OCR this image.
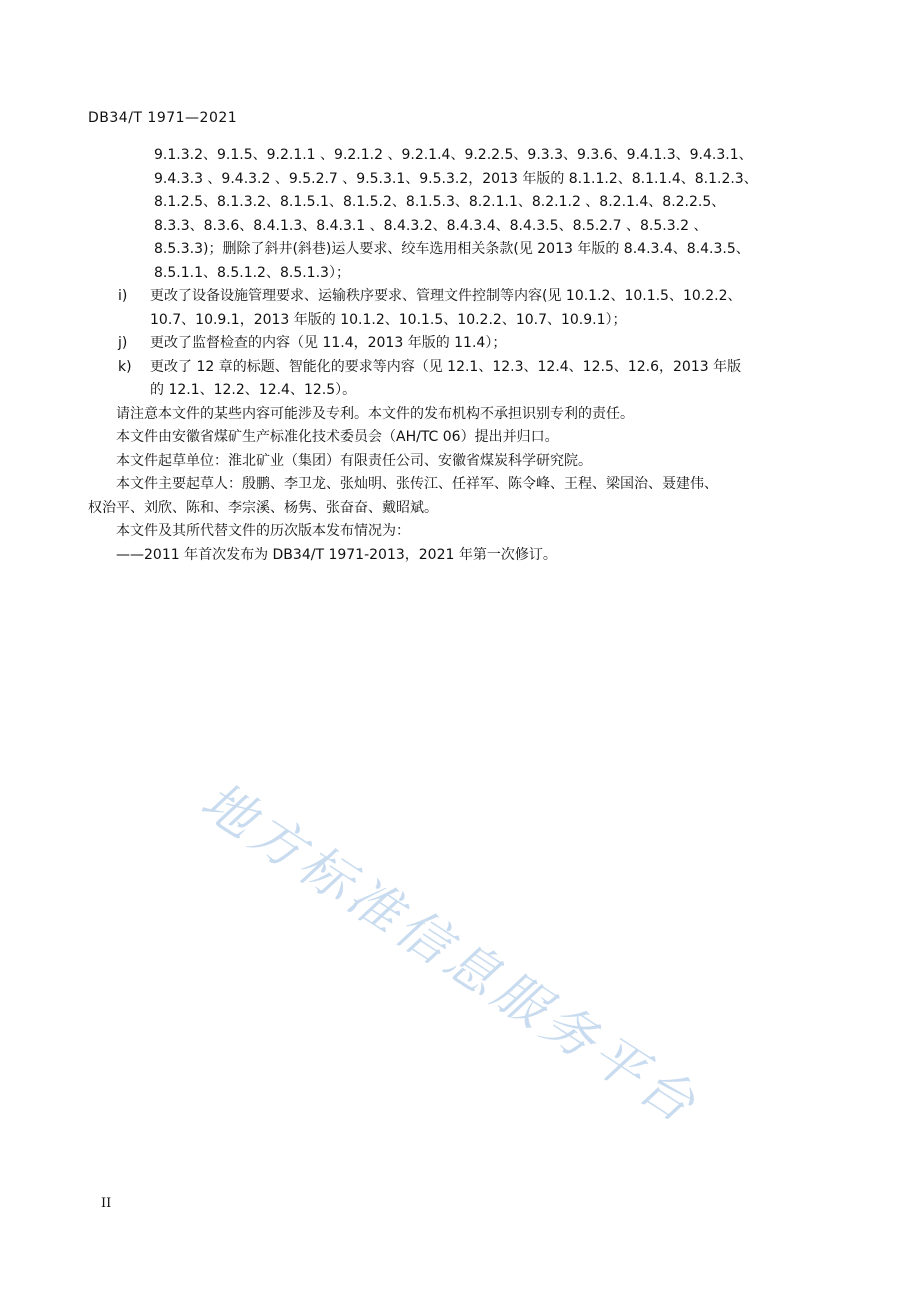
DB34/T 1971—2021
9.1.3.2、9.1.5、9.2.1.1 、9.2.1.2 、9.2.1.4、9.2.2.5、9.3.3、9.3.6、9.4.1.3、9.4.3.1、
9.4.3.3 、9.4.3.2 、9.5.2.7 、9.5.3.1、9.5.3.2，2013 年版的 8.1.1.2、8.1.1.4、8.1.2.3、
8.1.2.5、8.1.3.2、8.1.5.1、8.1.5.2、8.1.5.3、8.2.1.1、8.2.1.2 、8.2.1.4、8.2.2.5、
8.3.3、8.3.6、8.4.1.3、8.4.3.1 、8.4.3.2、8.4.3.4、8.4.3.5、8.5.2.7 、8.5.3.2 、
8.5.3.3)；删除了斜井(斜巷)运人要求、绞车选用相关条款(见 2013 年版的 8.4.3.4、8.4.3.5、
8.5.1.1、8.5.1.2、8.5.1.3）；
i)	更改了设备设施管理要求、运输秩序要求、管理文件控制等内容(见 10.1.2、10.1.5、10.2.2、
10.7、10.9.1，2013 年版的 10.1.2、10.1.5、10.2.2、10.7、10.9.1）；
j)	更改了监督检查的内容（见 11.4，2013 年版的 11.4）；
k)	更改了 12 章的标题、智能化的要求等内容（见 12.1、12.3、12.4、12.5、12.6，2013 年版
的 12.1、12.2、12.4、12.5）。
请注意本文件的某些内容可能涉及专利。本文件的发布机构不承担识别专利的责任。
本文件由安徽省煤矿生产标准化技术委员会（AH/TC 06）提出并归口。
本文件起草单位：淮北矿业（集团）有限责任公司、安徽省煤炭科学研究院。
本文件主要起草人：殷鹏、李卫龙、张灿明、张传江、任祥军、陈令峰、王程、梁国治、聂建伟、
权治平、刘欣、陈和、李宗溪、杨隽、张奋奋、戴昭斌。
本文件及其所代替文件的历次版本发布情况为：
——2011 年首次发布为 DB34/T 1971-2013，2021 年第一次修订。
地方标准信息服务平台
II
